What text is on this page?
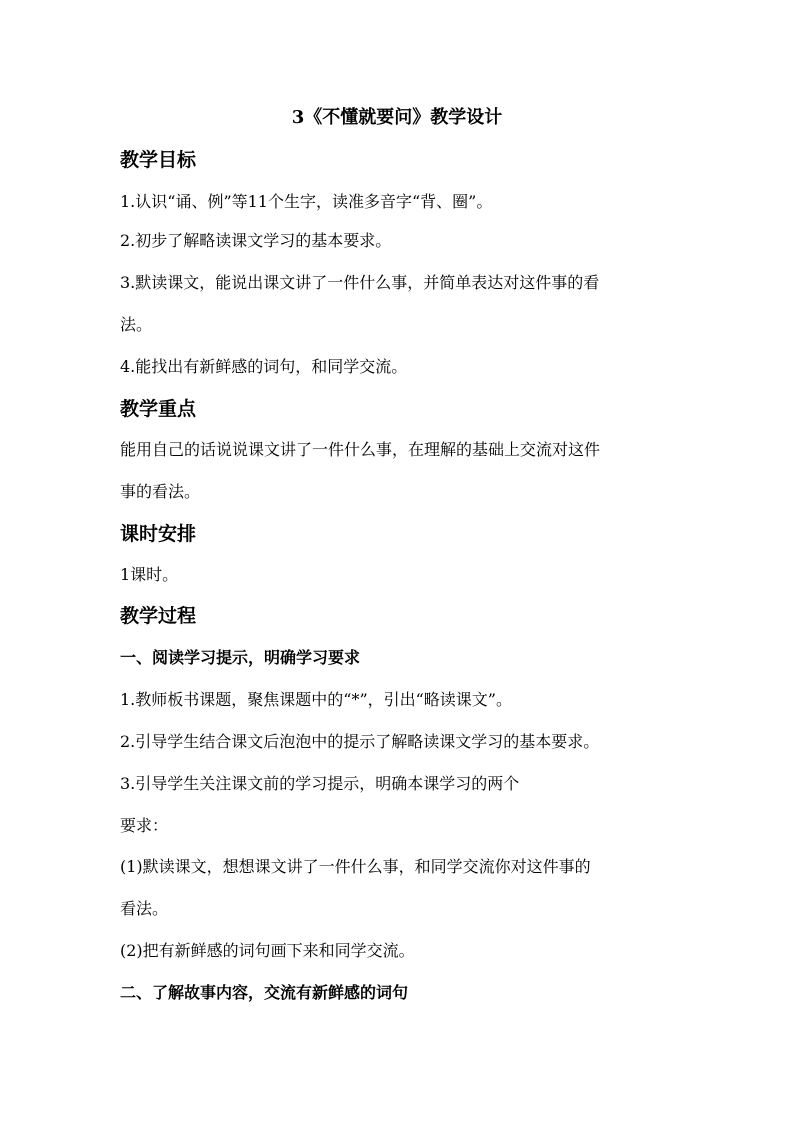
3《不懂就要问》教学设计
教学目标
1.认识“诵、例”等11个生字，读准多音字“背、圈”。
2.初步了解略读课文学习的基本要求。
3.默读课文，能说出课文讲了一件什么事，并简单表达对这件事的看
法。
4.能找出有新鲜感的词句，和同学交流。
教学重点
能用自己的话说说课文讲了一件什么事，在理解的基础上交流对这件
事的看法。
课时安排
1课时。
教学过程
一、阅读学习提示，明确学习要求
1.教师板书课题，聚焦课题中的“*”，引出“略读课文”。
2.引导学生结合课文后泡泡中的提示了解略读课文学习的基本要求。
3.引导学生关注课文前的学习提示，明确本课学习的两个
要求：
(1)默读课文，想想课文讲了一件什么事，和同学交流你对这件事的
看法。
(2)把有新鲜感的词句画下来和同学交流。
二、了解故事内容，交流有新鲜感的词句
